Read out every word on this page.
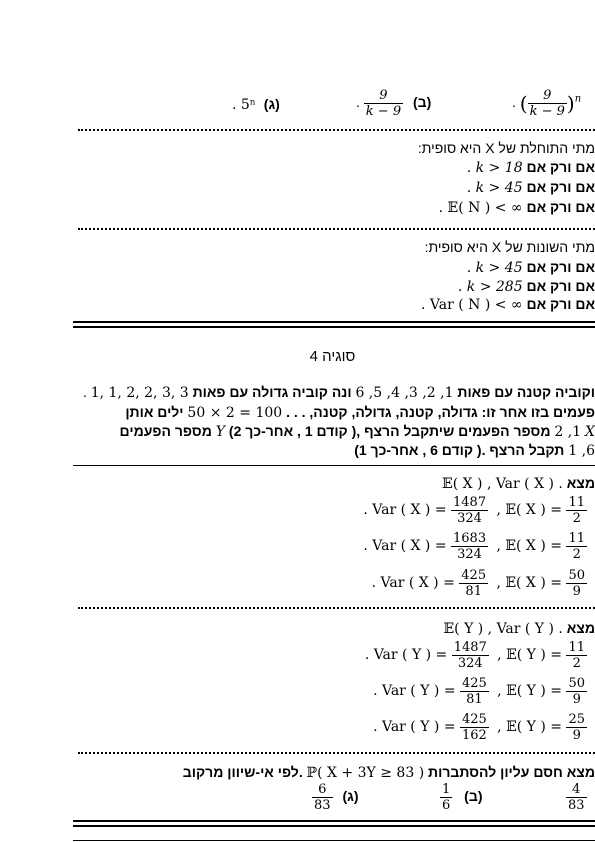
. 5ⁿ (ג)	. $\frac{9}{k - 9}$ (ב)	. ( $\frac{9}{k - 9} )^n$
מתי התוחלת של X היא סופית:
. k > 18 אם ורק אם
. k > 45 אם ורק אם
. 𝔼( N ) < ∞ אם ורק אם
מתי השונות של X היא סופית:
. k > 45 אם ורק אם
. k > 285 אם ורק אם
. Var ( N ) < ∞ אם ורק אם
סוגיה 4
. 1, 1, 2, 2, 3, 3	וקוביה קטנה עם פאות 1, 2, 3, 4, 5, 6 ונה קוביה גדולה עם פאות
פעמים בזו אחר זו: גדולה, קטנה, גדולה, קטנה, . . . 100 = 2 × 50 ילים אותן
מספר הפעמים Y (קודם 1 , אחר-כך 2 ),	1, 2 מספר הפעמים שיתקבל הרצף X
(קודם 6 , אחר-כך 1 ).	6, 1 תקבל הרצף
𝔼( X ) , Var ( X ) . מצא
. Var ( X ) = $\frac{1487}{324}$ , 𝔼( X ) = $\frac{11}{2}$
. Var ( X ) = $\frac{1683}{324}$ , 𝔼( X ) = $\frac{11}{2}$
. Var ( X ) = $\frac{425}{81}$ , 𝔼( X ) = $\frac{50}{9}$
𝔼( Y ) , Var ( Y ) . מצא
. Var ( Y ) = $\frac{1487}{324}$ , 𝔼( Y ) = $\frac{11}{2}$
. Var ( Y ) = $\frac{425}{81}$ , 𝔼( Y ) = $\frac{50}{9}$
. Var ( Y ) = $\frac{425}{162}$ , 𝔼( Y ) = $\frac{25}{9}$
לפי אי-שיוון מרקוב. ℙ( X + 3Y ≥ 83 ) מצא חסם עליון להסתברות
$\frac{6}{83}$ (ג)	$\frac{1}{6}$ (ב)	$\frac{4}{83}$
